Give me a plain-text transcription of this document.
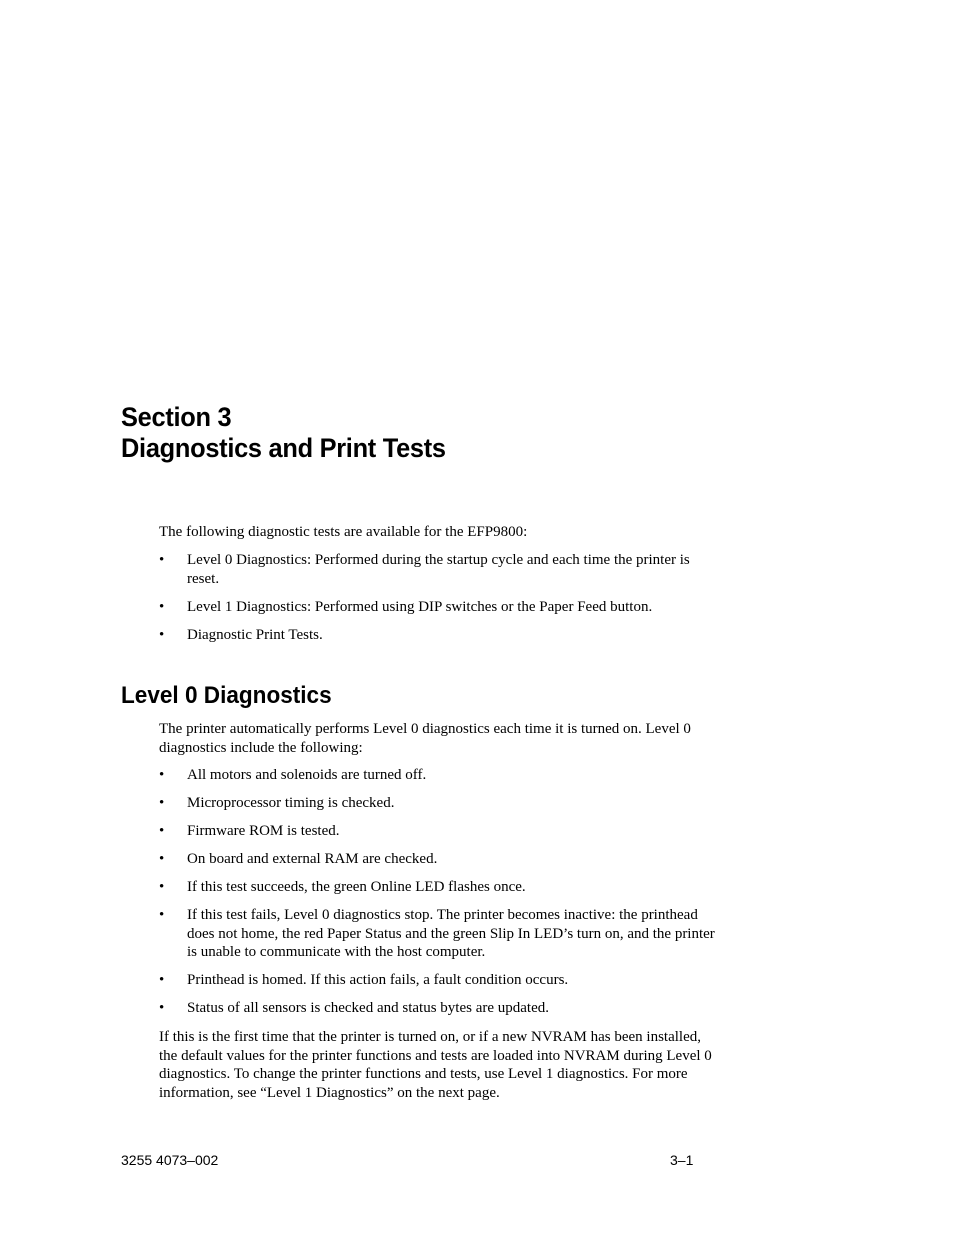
Section 3
Diagnostics and Print Tests

The following diagnostic tests are available for the EFP9800:

• Level 0 Diagnostics: Performed during the startup cycle and each time the printer is reset.
• Level 1 Diagnostics: Performed using DIP switches or the Paper Feed button.
• Diagnostic Print Tests.
Level 0 Diagnostics

The printer automatically performs Level 0 diagnostics each time it is turned on. Level 0 diagnostics include the following:

• All motors and solenoids are turned off.
• Microprocessor timing is checked.
• Firmware ROM is tested.
• On board and external RAM are checked.
• If this test succeeds, the green Online LED flashes once.
• If this test fails, Level 0 diagnostics stop. The printer becomes inactive: the printhead does not home, the red Paper Status and the green Slip In LED’s turn on, and the printer is unable to communicate with the host computer.
• Printhead is homed. If this action fails, a fault condition occurs.
• Status of all sensors is checked and status bytes are updated.

If this is the first time that the printer is turned on, or if a new NVRAM has been installed, the default values for the printer functions and tests are loaded into NVRAM during Level 0 diagnostics. To change the printer functions and tests, use Level 1 diagnostics. For more information, see “Level 1 Diagnostics” on the next page.

3255 4073–002	3–1
